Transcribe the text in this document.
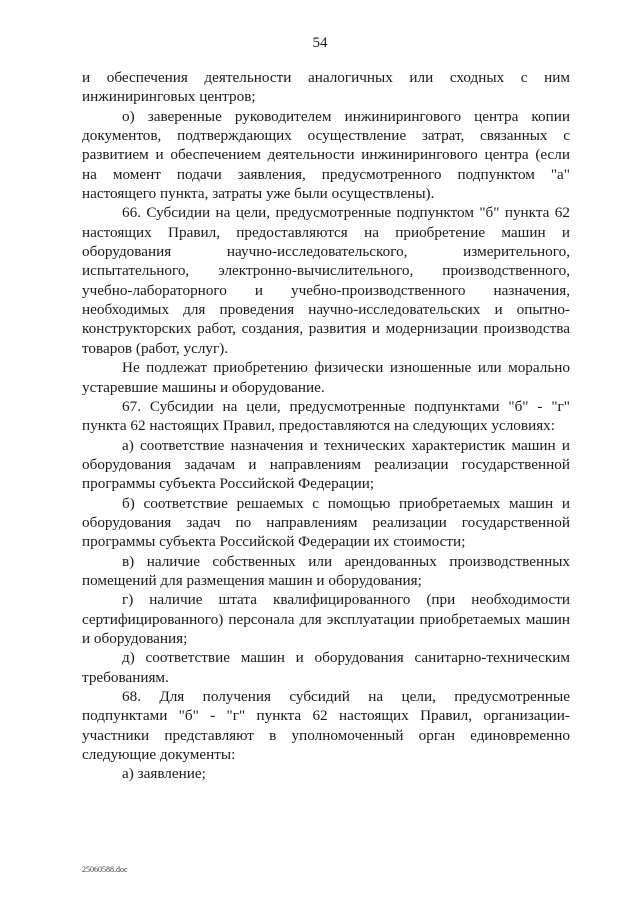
54

и обеспечения деятельности аналогичных или сходных с ним инжиниринговых центров;

о) заверенные руководителем инжинирингового центра копии документов, подтверждающих осуществление затрат, связанных с развитием и обеспечением деятельности инжинирингового центра (если на момент подачи заявления, предусмотренного подпунктом "а" настоящего пункта, затраты уже были осуществлены).

66. Субсидии на цели, предусмотренные подпунктом "б" пункта 62 настоящих Правил, предоставляются на приобретение машин и оборудования научно-исследовательского, измерительного, испытательного, электронно-вычислительного, производственного, учебно-лабораторного и учебно-производственного назначения, необходимых для проведения научно-исследовательских и опытно-конструкторских работ, создания, развития и модернизации производства товаров (работ, услуг).

Не подлежат приобретению физически изношенные или морально устаревшие машины и оборудование.

67. Субсидии на цели, предусмотренные подпунктами "б" - "г" пункта 62 настоящих Правил, предоставляются на следующих условиях:

а) соответствие назначения и технических характеристик машин и оборудования задачам и направлениям реализации государственной программы субъекта Российской Федерации;

б) соответствие решаемых с помощью приобретаемых машин и оборудования задач по направлениям реализации государственной программы субъекта Российской Федерации их стоимости;

в) наличие собственных или арендованных производственных помещений для размещения машин и оборудования;

г) наличие штата квалифицированного (при необходимости сертифицированного) персонала для эксплуатации приобретаемых машин и оборудования;

д) соответствие машин и оборудования санитарно-техническим требованиям.

68. Для получения субсидий на цели, предусмотренные подпунктами "б" - "г" пункта 62 настоящих Правил, организации-участники представляют в уполномоченный орган единовременно следующие документы:

а) заявление;

25060588.doc
